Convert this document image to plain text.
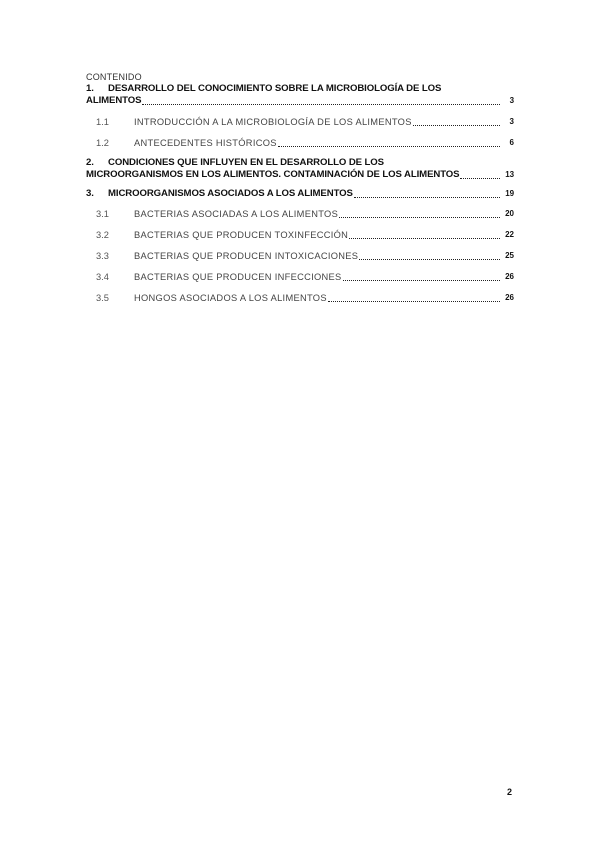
CONTENIDO
1. DESARROLLO DEL CONOCIMIENTO SOBRE LA MICROBIOLOGÍA DE LOS
ALIMENTOS	3
1.1	INTRODUCCIÓN A LA MICROBIOLOGÍA DE LOS ALIMENTOS	3
1.2	ANTECEDENTES HISTÓRICOS	6
2. CONDICIONES QUE INFLUYEN EN EL DESARROLLO DE LOS
MICROORGANISMOS EN LOS ALIMENTOS. CONTAMINACIÓN DE LOS ALIMENTOS	13
3.	MICROORGANISMOS ASOCIADOS A LOS ALIMENTOS	19
3.1	BACTERIAS ASOCIADAS A LOS ALIMENTOS	20
3.2	BACTERIAS QUE PRODUCEN TOXINFECCIÓN	22
3.3	BACTERIAS QUE PRODUCEN INTOXICACIONES	25
3.4	BACTERIAS QUE PRODUCEN INFECCIONES	26
3.5	HONGOS ASOCIADOS A LOS ALIMENTOS	26
2
